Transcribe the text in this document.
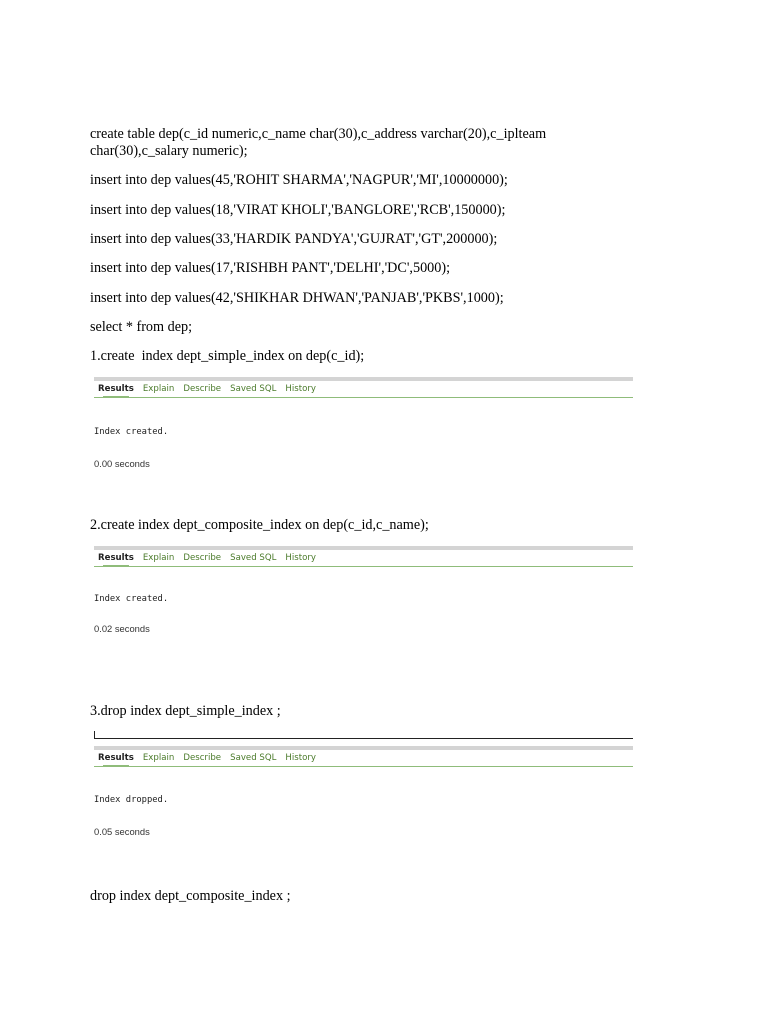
create table dep(c_id numeric,c_name char(30),c_address varchar(20),c_iplteam char(30),c_salary numeric);
insert into dep values(45,'ROHIT SHARMA','NAGPUR','MI',10000000);
insert into dep values(18,'VIRAT KHOLI','BANGLORE','RCB',150000);
insert into dep values(33,'HARDIK PANDYA','GUJRAT','GT',200000);
insert into dep values(17,'RISHBH PANT','DELHI','DC',5000);
insert into dep values(42,'SHIKHAR DHWAN','PANJAB','PKBS',1000);
select * from dep;
1.create  index dept_simple_index on dep(c_id);
Results Explain Describe Saved SQL History
Index created.
0.00 seconds
2.create index dept_composite_index on dep(c_id,c_name);
Results Explain Describe Saved SQL History
Index created.
0.02 seconds
3.drop index dept_simple_index ;
Results Explain Describe Saved SQL History
Index dropped.
0.05 seconds
drop index dept_composite_index ;
